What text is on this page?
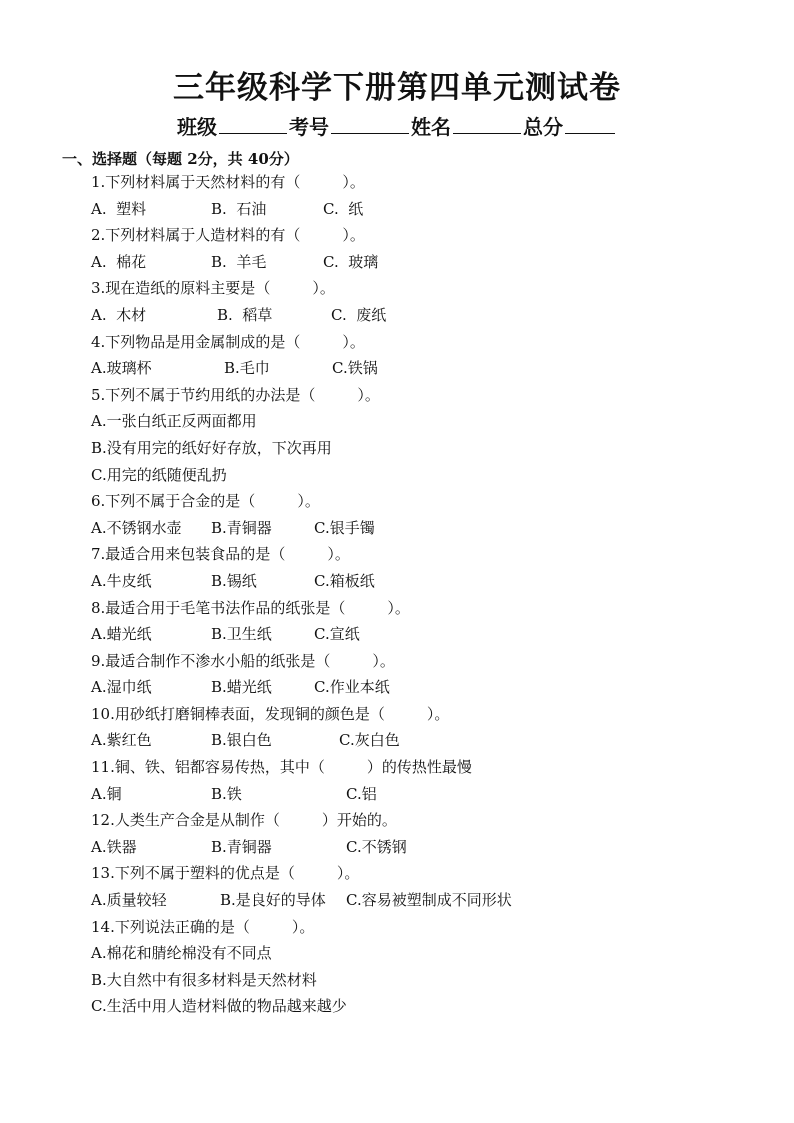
三年级科学下册第四单元测试卷
班级	考号	姓名	总分
一、选择题（每题 2分，共 40分）
1.下列材料属于天然材料的有（	）。
A.  塑料	B.  石油	C.  纸
2.下列材料属于人造材料的有（	）。
A.  棉花	B.  羊毛	C.  玻璃
3.现在造纸的原料主要是（	）。
A.  木材	B.  稻草	C.  废纸
4.下列物品是用金属制成的是（	）。
A.玻璃杯	B.毛巾	C.铁锅
5.下列不属于节约用纸的办法是（	）。
A.一张白纸正反两面都用
B.没有用完的纸好好存放，下次再用
C.用完的纸随便乱扔
6.下列不属于合金的是（	）。
A.不锈钢水壶 B.青铜器	C.银手镯
7.最适合用来包装食品的是（	）。
A.牛皮纸	B.锡纸	C.箱板纸
8.最适合用于毛笔书法作品的纸张是（	）。
A.蜡光纸	B.卫生纸	C.宣纸
9.最适合制作不渗水小船的纸张是（	）。
A.湿巾纸	B.蜡光纸	C.作业本纸
10.用砂纸打磨铜棒表面，发现铜的颜色是（	）。
A.紫红色	B.银白色	C.灰白色
11.铜、铁、铝都容易传热，其中（	）的传热性最慢
A.铜	B.铁	C.铝
12.人类生产合金是从制作（	）开始的。
A.铁器	B.青铜器	C.不锈钢
13.下列不属于塑料的优点是（	）。
A.质量较轻	B.是良好的导体 C.容易被塑制成不同形状
14.下列说法正确的是（	）。
A.棉花和腈纶棉没有不同点
B.大自然中有很多材料是天然材料
C.生活中用人造材料做的物品越来越少
